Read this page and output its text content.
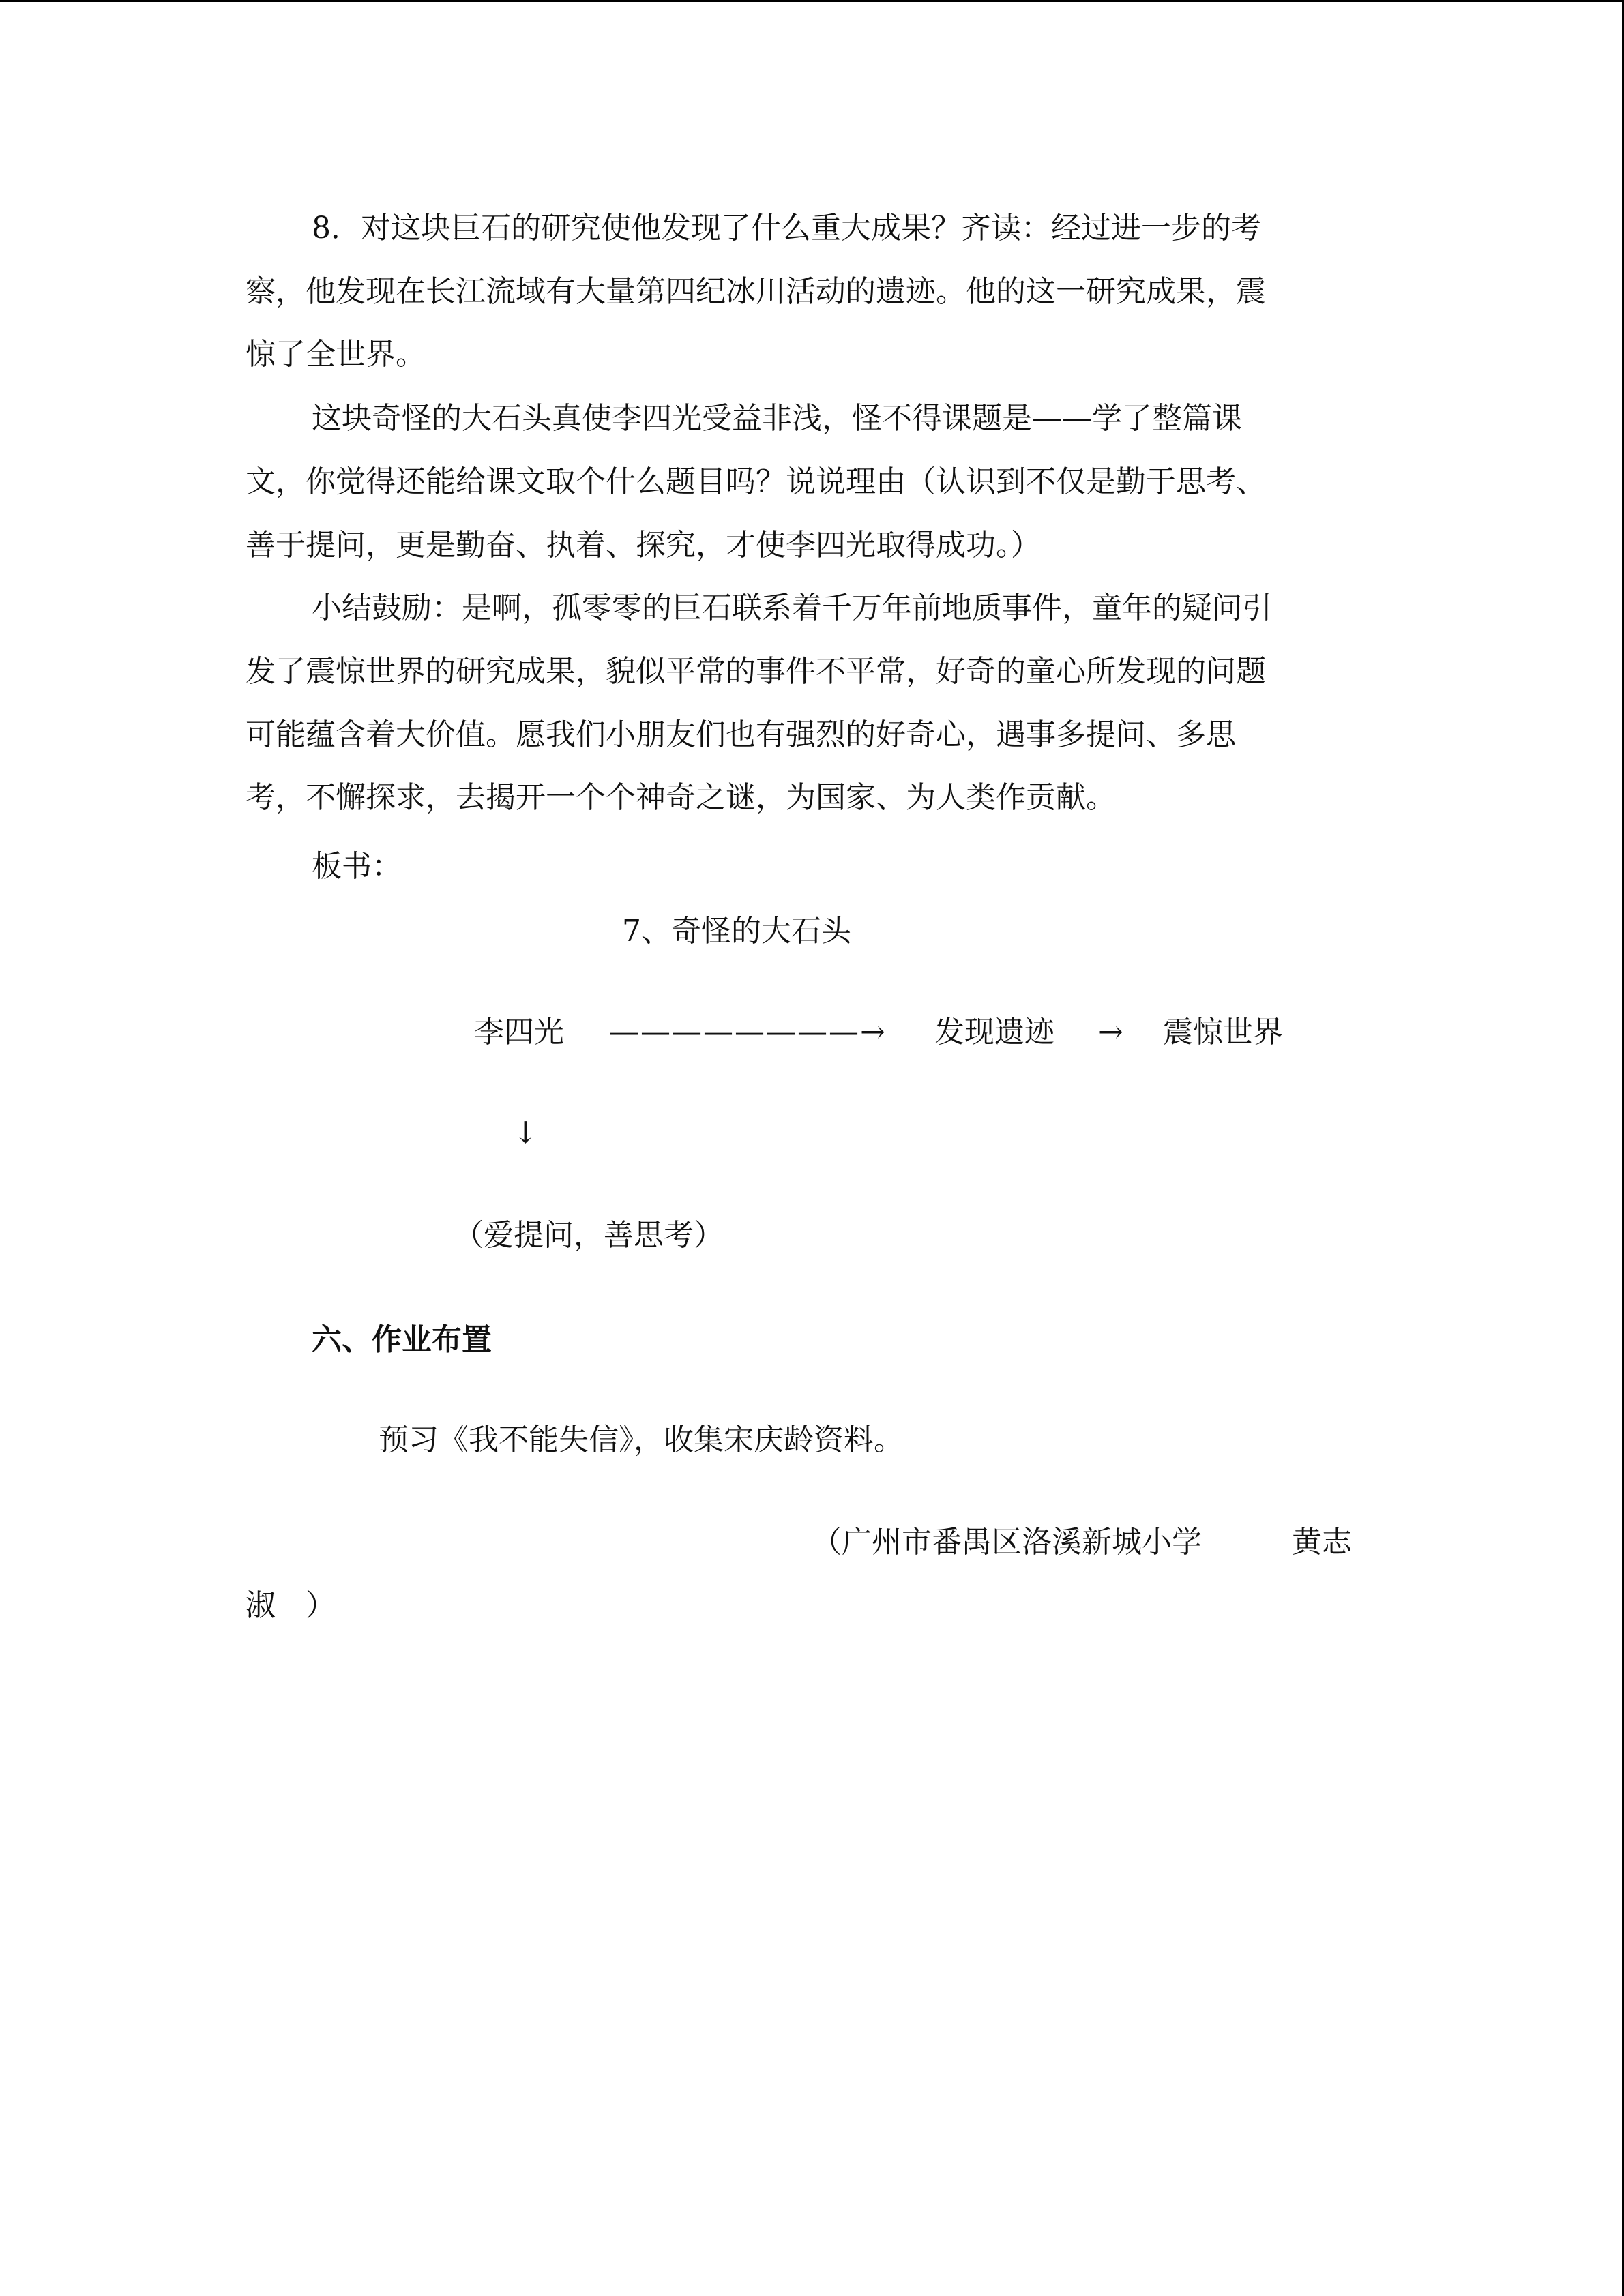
8．对这块巨石的研究使他发现了什么重大成果？齐读：经过进一步的考
察，他发现在长江流域有大量第四纪冰川活动的遗迹。他的这一研究成果，震
惊了全世界。
这块奇怪的大石头真使李四光受益非浅，怪不得课题是——学了整篇课
文，你觉得还能给课文取个什么题目吗？说说理由（认识到不仅是勤于思考、
善于提问，更是勤奋、执着、探究，才使李四光取得成功。）
小结鼓励：是啊，孤零零的巨石联系着千万年前地质事件，童年的疑问引
发了震惊世界的研究成果，貌似平常的事件不平常，好奇的童心所发现的问题
可能蕴含着大价值。愿我们小朋友们也有强烈的好奇心，遇事多提问、多思
考，不懈探求，去揭开一个个神奇之谜，为国家、为人类作贡献。
板书：
7、奇怪的大石头
李四光 ————————→ 发现遗迹 → 震惊世界
↓
（爱提问，善思考）
六、作业布置
预习《我不能失信》，收集宋庆龄资料。
（广州市番禺区洛溪新城小学　　　黄志
淑　）
